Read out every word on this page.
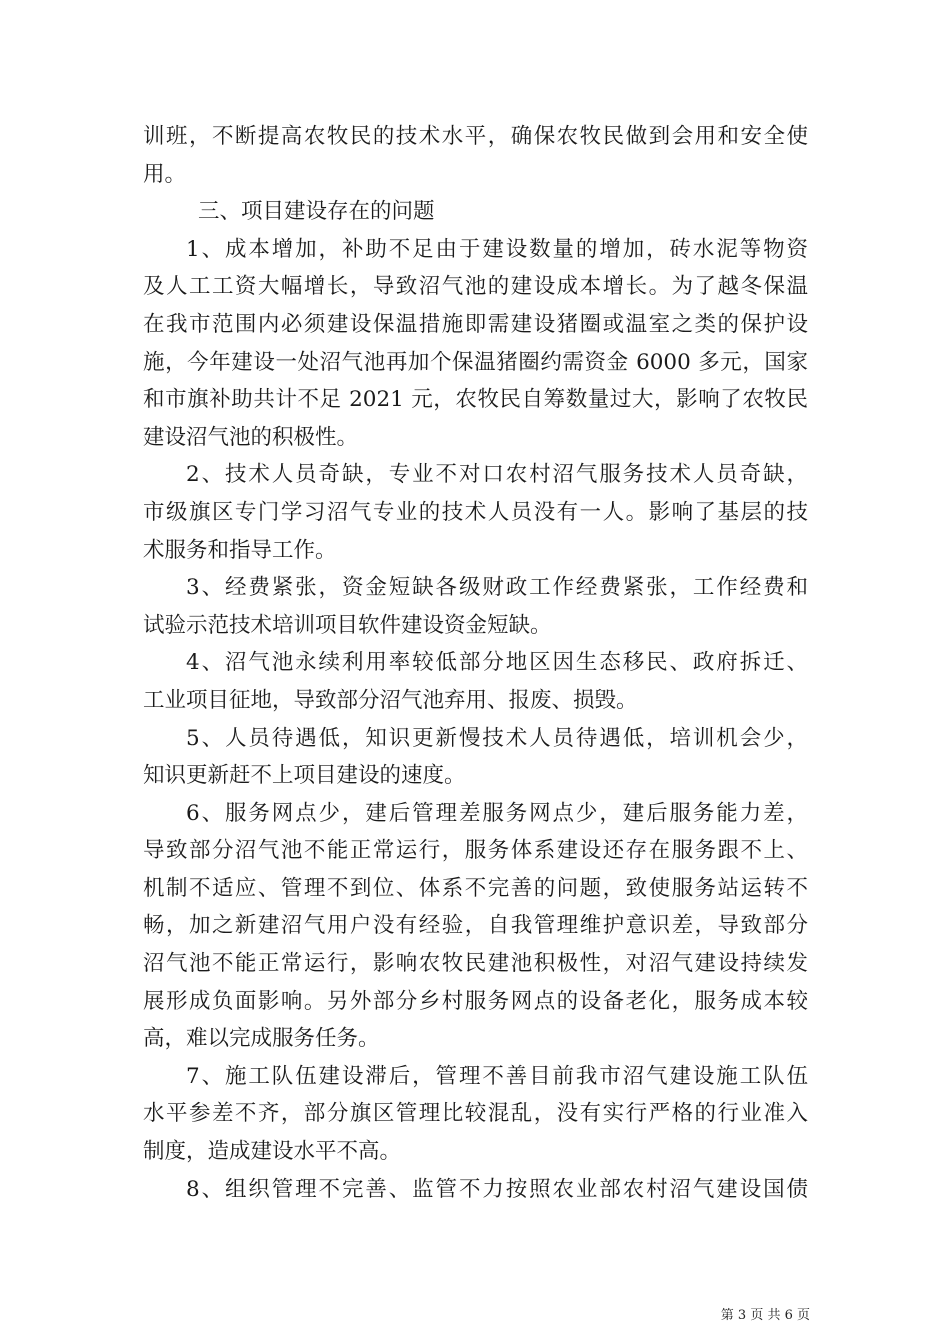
训班，不断提高农牧民的技术水平，确保农牧民做到会用和安全使
用。
三、项目建设存在的问题
1、成本增加，补助不足由于建设数量的增加，砖水泥等物资
及人工工资大幅增长，导致沼气池的建设成本增长。为了越冬保温
在我市范围内必须建设保温措施即需建设猪圈或温室之类的保护设
施，今年建设一处沼气池再加个保温猪圈约需资金 6000 多元，国家
和市旗补助共计不足 2021 元，农牧民自筹数量过大，影响了农牧民
建设沼气池的积极性。
2、技术人员奇缺，专业不对口农村沼气服务技术人员奇缺，
市级旗区专门学习沼气专业的技术人员没有一人。影响了基层的技
术服务和指导工作。
3、经费紧张，资金短缺各级财政工作经费紧张，工作经费和
试验示范技术培训项目软件建设资金短缺。
4、沼气池永续利用率较低部分地区因生态移民、政府拆迁、
工业项目征地，导致部分沼气池弃用、报废、损毁。
5、人员待遇低，知识更新慢技术人员待遇低，培训机会少，
知识更新赶不上项目建设的速度。
6、服务网点少，建后管理差服务网点少，建后服务能力差，
导致部分沼气池不能正常运行，服务体系建设还存在服务跟不上、
机制不适应、管理不到位、体系不完善的问题，致使服务站运转不
畅，加之新建沼气用户没有经验，自我管理维护意识差，导致部分
沼气池不能正常运行，影响农牧民建池积极性，对沼气建设持续发
展形成负面影响。另外部分乡村服务网点的设备老化，服务成本较
高，难以完成服务任务。
7、施工队伍建设滞后，管理不善目前我市沼气建设施工队伍
水平参差不齐，部分旗区管理比较混乱，没有实行严格的行业准入
制度，造成建设水平不高。
8、组织管理不完善、监管不力按照农业部农村沼气建设国债
第 3 页 共 6 页
